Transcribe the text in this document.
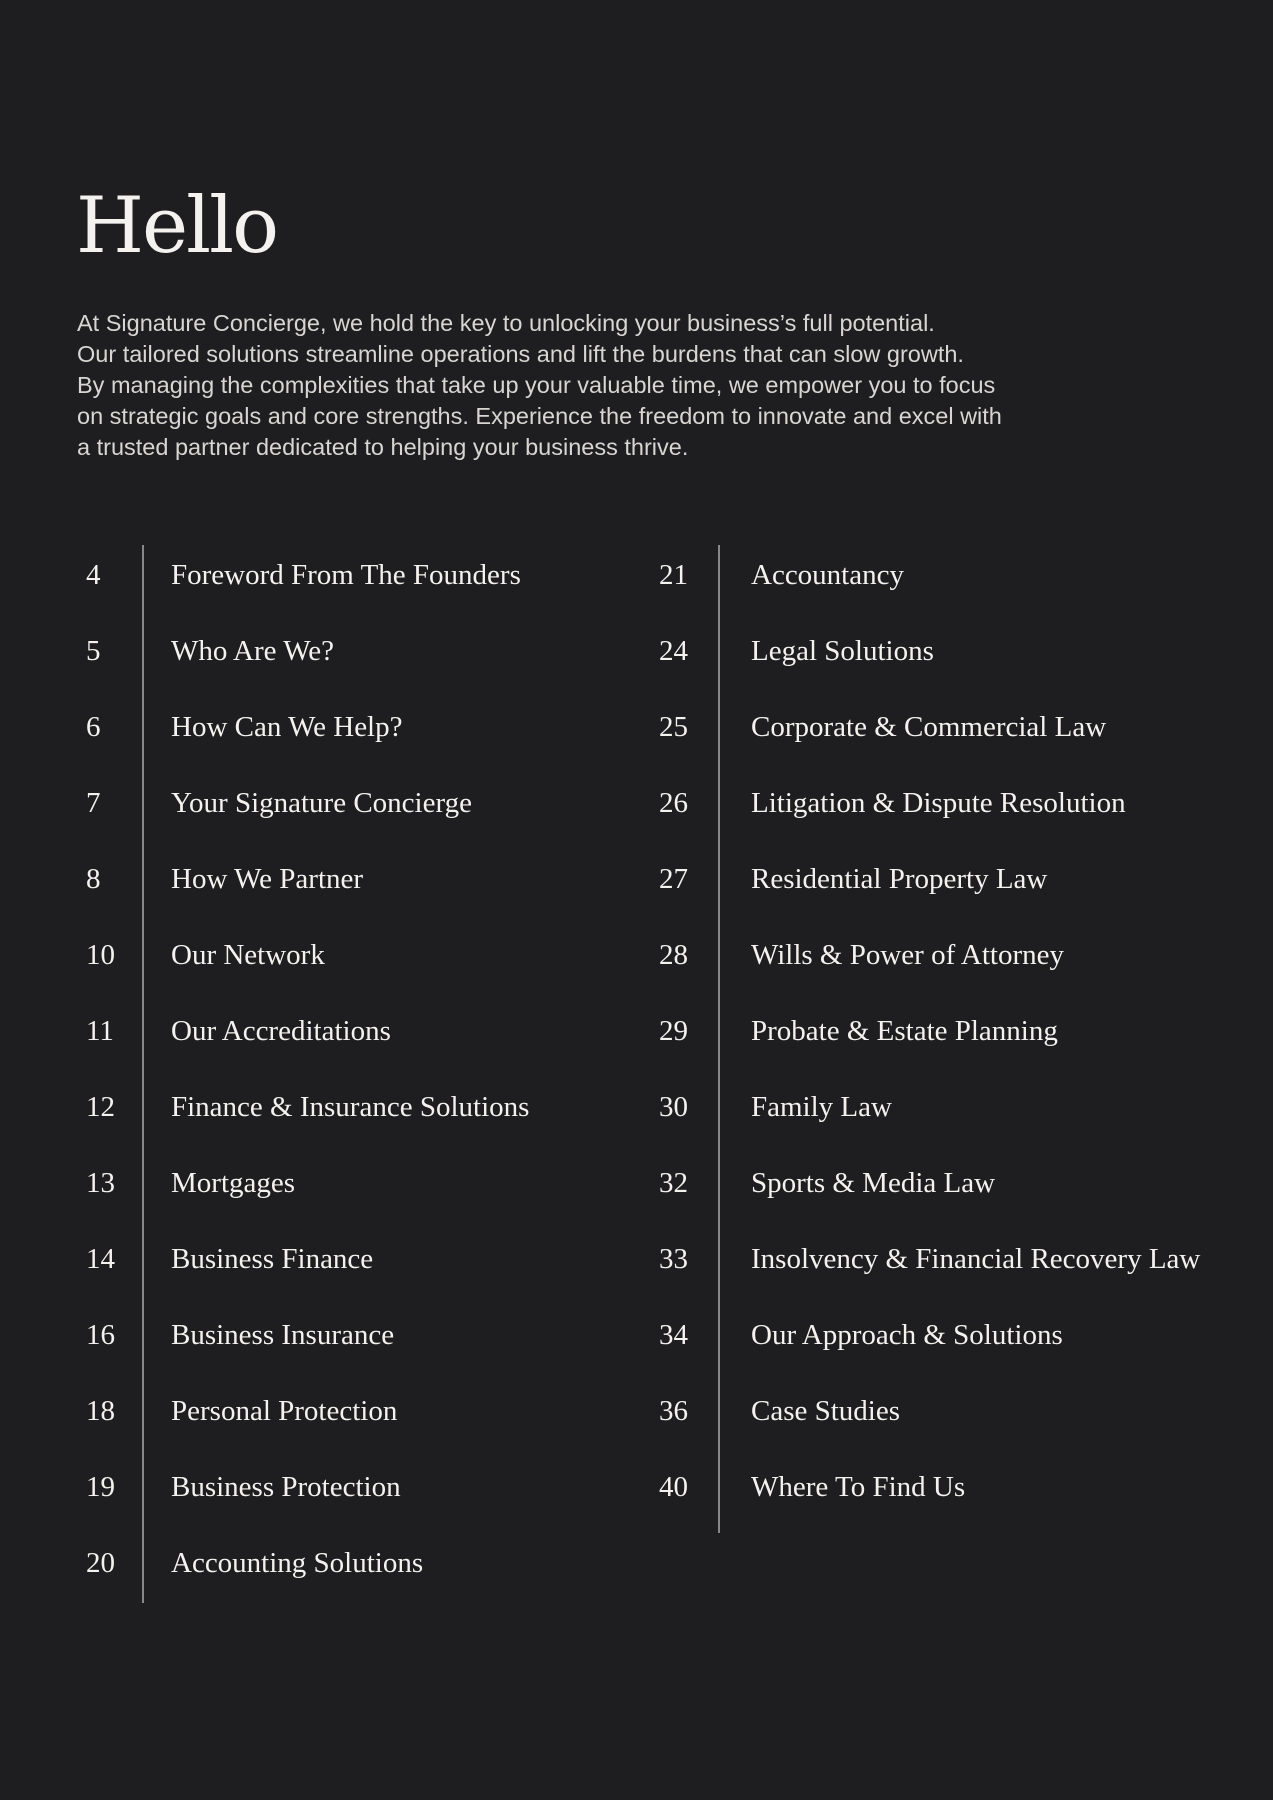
Hello

At Signature Concierge, we hold the key to unlocking your business’s full potential.
Our tailored solutions streamline operations and lift the burdens that can slow growth.
By managing the complexities that take up your valuable time, we empower you to focus
on strategic goals and core strengths. Experience the freedom to innovate and excel with
a trusted partner dedicated to helping your business thrive.

4 Foreword From The Founders
5 Who Are We?
6 How Can We Help?
7 Your Signature Concierge
8 How We Partner
10 Our Network
11 Our Accreditations
12 Finance & Insurance Solutions
13 Mortgages
14 Business Finance
16 Business Insurance
18 Personal Protection
19 Business Protection
20 Accounting Solutions
21 Accountancy
24 Legal Solutions
25 Corporate & Commercial Law
26 Litigation & Dispute Resolution
27 Residential Property Law
28 Wills & Power of Attorney
29 Probate & Estate Planning
30 Family Law
32 Sports & Media Law
33 Insolvency & Financial Recovery Law
34 Our Approach & Solutions
36 Case Studies
40 Where To Find Us
